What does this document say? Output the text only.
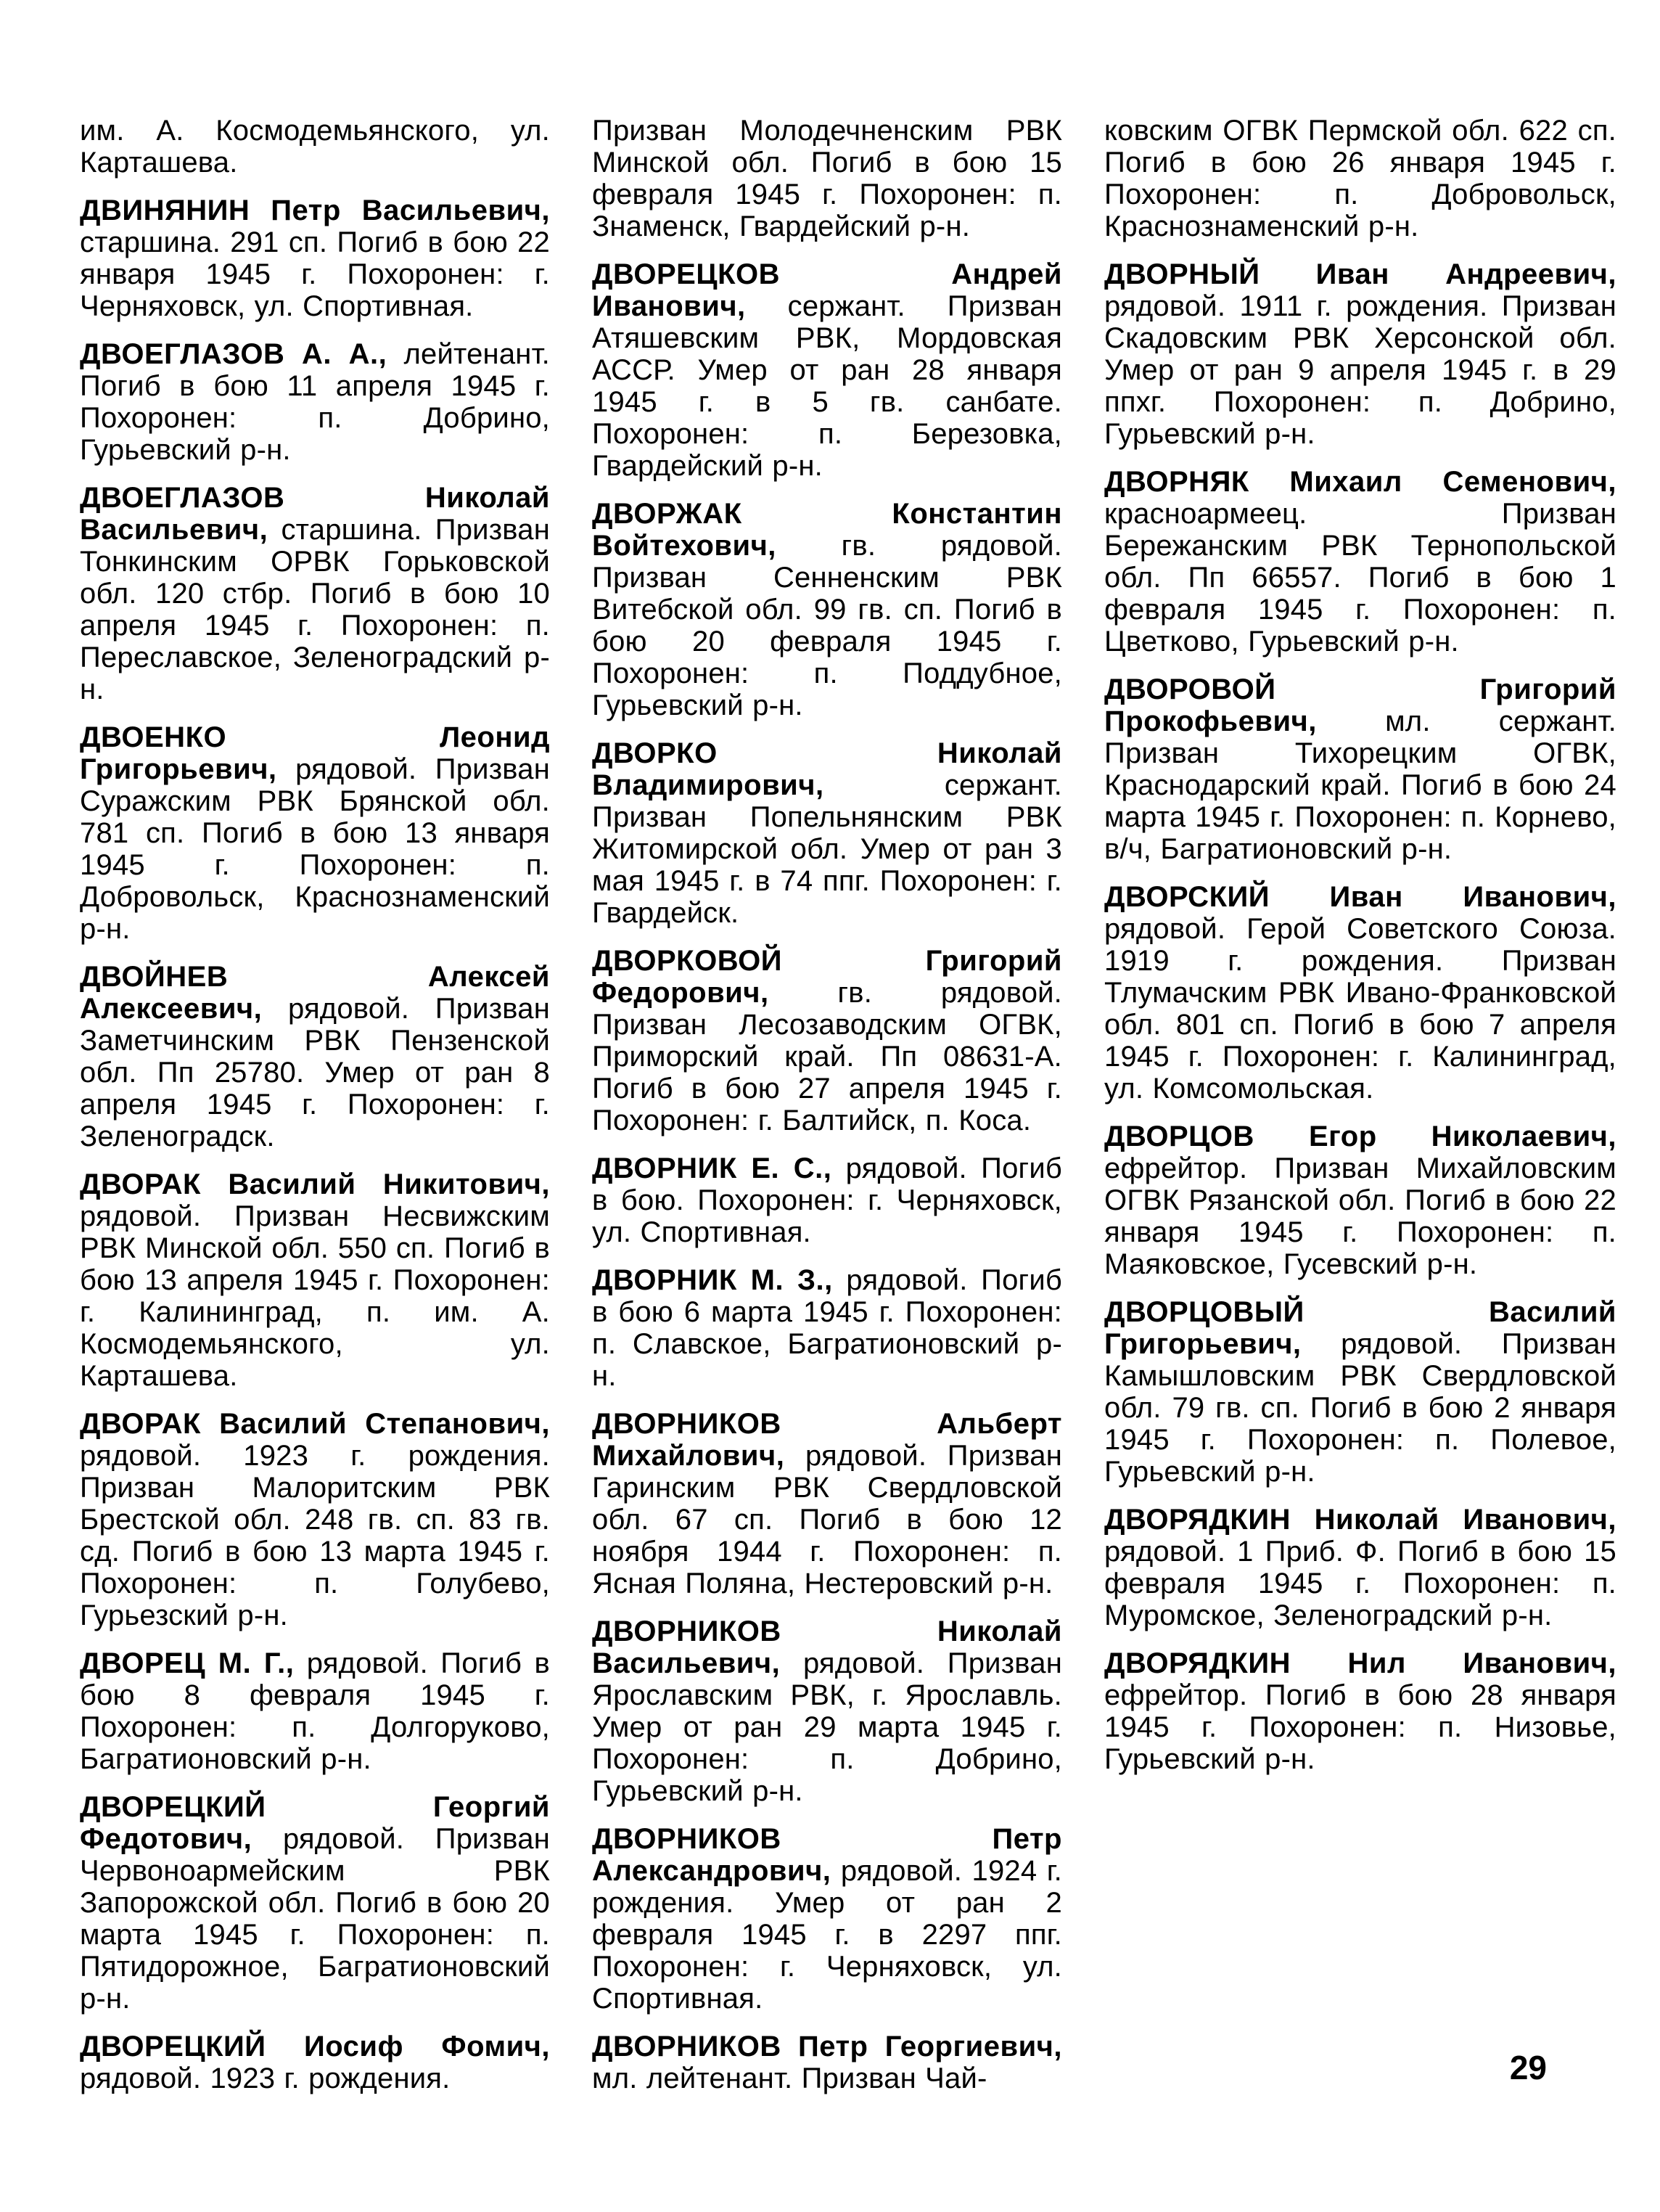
им. А. Космодемьянского, ул. Карташева.

ДВИНЯНИН Петр Васильевич, старшина. 291 сп. Погиб в бою 22 января 1945 г. Похоронен: г. Черняховск, ул. Спортивная.

ДВОЕГЛАЗОВ А. А., лейтенант. Погиб в бою 11 апреля 1945 г. Похоронен: п. Добрино, Гурьевский р-н.

ДВОЕГЛАЗОВ Николай Васильевич, старшина. Призван Тонкинским ОРВК Горьковской обл. 120 стбр. Погиб в бою 10 апреля 1945 г. Похоронен: п. Переславское, Зеленоградский р-н.

ДВОЕНКО Леонид Григорьевич, рядовой. Призван Суражским РВК Брянской обл. 781 сп. Погиб в бою 13 января 1945 г. Похоронен: п. Добровольск, Краснознаменский р-н.

ДВОЙНЕВ Алексей Алексеевич, рядовой. Призван Заметчинским РВК Пензенской обл. Пп 25780. Умер от ран 8 апреля 1945 г. Похоронен: г. Зеленоградск.

ДВОРАК Василий Никитович, рядовой. Призван Несвижским РВК Минской обл. 550 сп. Погиб в бою 13 апреля 1945 г. Похоронен: г. Калининград, п. им. А. Космодемьянского, ул. Карташева.

ДВОРАК Василий Степанович, рядовой. 1923 г. рождения. Призван Малоритским РВК Брестской обл. 248 гв. сп. 83 гв. сд. Погиб в бою 13 марта 1945 г. Похоронен: п. Голубево, Гурьезский р-н.

ДВОРЕЦ М. Г., рядовой. Погиб в бою 8 февраля 1945 г. Похоронен: п. Долгоруково, Багратионовский р-н.

ДВОРЕЦКИЙ Георгий Федотович, рядовой. Призван Червоноармейским РВК Запорожской обл. Погиб в бою 20 марта 1945 г. Похоронен: п. Пятидорожное, Багратионовский р-н.

ДВОРЕЦКИЙ Иосиф Фомич, рядовой. 1923 г. рождения.

Призван Молодечненским РВК Минской обл. Погиб в бою 15 февраля 1945 г. Похоронен: п. Знаменск, Гвардейский р-н.

ДВОРЕЦКОВ Андрей Иванович, сержант. Призван Атяшевским РВК, Мордовская АССР. Умер от ран 28 января 1945 г. в 5 гв. санбате. Похоронен: п. Березовка, Гвардейский р-н.

ДВОРЖАК Константин Войтехович, гв. рядовой. Призван Сенненским РВК Витебской обл. 99 гв. сп. Погиб в бою 20 февраля 1945 г. Похоронен: п. Поддубное, Гурьевский р-н.

ДВОРКО Николай Владимирович,	сержант. Призван Попельнянским РВК Житомирской обл. Умер от ран 3 мая 1945 г. в 74 ппг. Похоронен: г. Гвардейск.

ДВОРКОВОЙ Григорий Федорович, гв. рядовой. Призван Лесозаводским ОГВК, Приморский край. Пп 08631-А. Погиб в бою 27 апреля 1945 г. Похоронен: г. Балтийск, п. Коса.

ДВОРНИК Е. С., рядовой. Погиб в бою. Похоронен: г. Черняховск, ул. Спортивная.

ДВОРНИК М. З., рядовой. Погиб в бою 6 марта 1945 г. Похоронен: п. Славское, Багратионовский р-н.

ДВОРНИКОВ Альберт Михайлович, рядовой. Призван Гаринским РВК Свердловской обл. 67 сп. Погиб в бою 12 ноября 1944 г. Похоронен: п. Ясная Поляна, Нестеровский р-н.

ДВОРНИКОВ Николай Васильевич, рядовой. Призван Ярославским РВК, г. Ярославль. Умер от ран 29 марта 1945 г. Похоронен: п. Добрино, Гурьевский р-н.

ДВОРНИКОВ Петр Александрович, рядовой. 1924 г. рождения. Умер от ран 2 февраля 1945 г. в 2297 ппг. Похоронен: г. Черняховск, ул. Спортивная.

ДВОРНИКОВ Петр Георгиевич, мл. лейтенант. Призван Чай-

ковским ОГВК Пермской обл. 622 сп. Погиб в бою 26 января 1945 г. Похоронен: п. Добровольск, Краснознаменский р-н.

ДВОРНЫЙ Иван Андреевич, рядовой. 1911 г. рождения. Призван Скадовским РВК Херсонской обл. Умер от ран 9 апреля 1945 г. в 29 ппхг. Похоронен: п. Добрино, Гурьевский р-н.

ДВОРНЯК Михаил Семенович, красноармеец. Призван Бережанским РВК Тернопольской обл. Пп 66557. Погиб в бою 1 февраля 1945 г. Похоронен: п. Цветково, Гурьевский р-н.

ДВОРОВОЙ Григорий Прокофьевич, мл. сержант. Призван Тихорецким ОГВК, Краснодарский край. Погиб в бою 24 марта 1945 г. Похоронен: п. Корнево, в/ч, Багратионовский р-н.

ДВОРСКИЙ Иван Иванович, рядовой. Герой Советского Союза. 1919 г. рождения. Призван Тлумачским РВК Ивано-Франковской обл. 801 сп. Погиб в бою 7 апреля 1945 г. Похоронен: г. Калининград, ул. Комсомольская.

ДВОРЦОВ Егор Николаевич, ефрейтор. Призван Михайловским ОГВК Рязанской обл. Погиб в бою 22 января 1945 г. Похоронен: п. Маяковское, Гусевский р-н.

ДВОРЦОВЫЙ Василий Григорьевич, рядовой. Призван Камышловским РВК Свердловской обл. 79 гв. сп. Погиб в бою 2 января 1945 г. Похоронен: п. Полевое, Гурьевский р-н.

ДВОРЯДКИН Николай Иванович, рядовой. 1 Приб. Ф. Погиб в бою 15 февраля 1945 г. Похоронен: п. Муромское, Зеленоградский р-н.

ДВОРЯДКИН Нил Иванович, ефрейтор. Погиб в бою 28 января 1945 г. Похоронен: п. Низовье, Гурьевский р-н.

29
